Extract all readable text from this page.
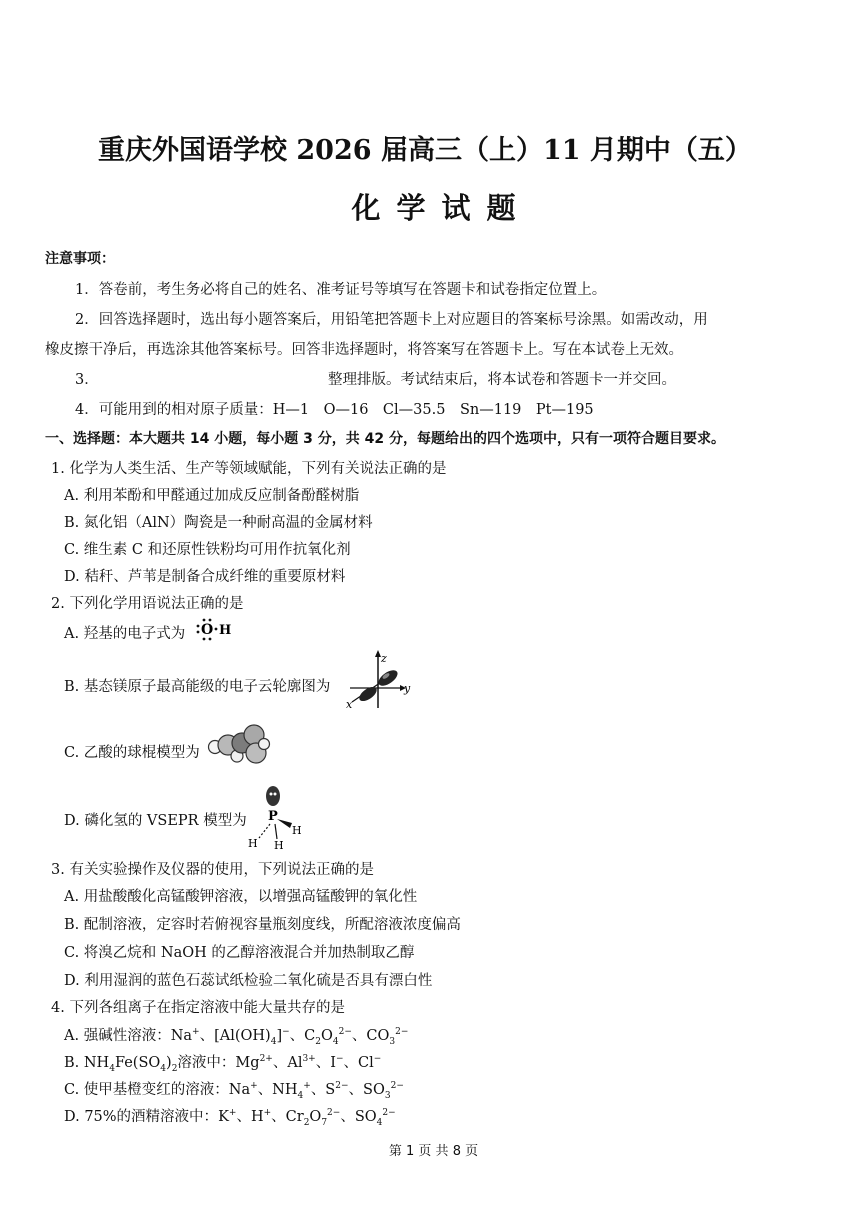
重庆外国语学校 2026 届高三（上）11 月期中（五）
化学试题
注意事项：
1．答卷前，考生务必将自己的姓名、准考证号等填写在答题卡和试卷指定位置上。
2．回答选择题时，选出每小题答案后，用铅笔把答题卡上对应题目的答案标号涂黑。如需改动，用
橡皮擦干净后，再选涂其他答案标号。回答非选择题时，将答案写在答题卡上。写在本试卷上无效。
3．	整理排版。考试结束后，将本试卷和答题卡一并交回。
4．可能用到的相对原子质量：H—1　O—16　Cl—35.5　Sn—119　Pt—195
一、选择题：本大题共 14 小题，每小题 3 分，共 42 分，每题给出的四个选项中，只有一项符合题目要求。
1. 化学为人类生活、生产等领域赋能，下列有关说法正确的是
A. 利用苯酚和甲醛通过加成反应制备酚醛树脂
B. 氮化铝（AlN）陶瓷是一种耐高温的金属材料
C. 维生素 C 和还原性铁粉均可用作抗氧化剂
D. 秸秆、芦苇是制备合成纤维的重要原材料
2. 下列化学用语说法正确的是
A. 羟基的电子式为 O H
B. 基态镁原子最高能级的电子云轮廓图为
z
y
x
C. 乙酸的球棍模型为
D. 磷化氢的 VSEPR 模型为 P
H
H H
3. 有关实验操作及仪器的使用，下列说法正确的是
A. 用盐酸酸化高锰酸钾溶液，以增强高锰酸钾的氧化性
B. 配制溶液，定容时若俯视容量瓶刻度线，所配溶液浓度偏高
C. 将溴乙烷和 NaOH 的乙醇溶液混合并加热制取乙醇
D. 利用湿润的蓝色石蕊试纸检验二氧化硫是否具有漂白性
4. 下列各组离子在指定溶液中能大量共存的是
A. 强碱性溶液：Na+、$[Al(OH)_4]^-$、$C_2O_4^{2-}$、$CO_3^{2-}$
B. $NH_4Fe(SO_4)_2$溶液中：$Mg^{2+}$、$Al^{3+}$、I−、Cl−
C. 使甲基橙变红的溶液：Na+、$NH_4^+$、$S^{2-}$、$SO_3^{2-}$
D. 75%的酒精溶液中：K+、H+、$Cr_2O_7^{2-}$、$SO_4^{2-}$
第 1 页 共 8 页
